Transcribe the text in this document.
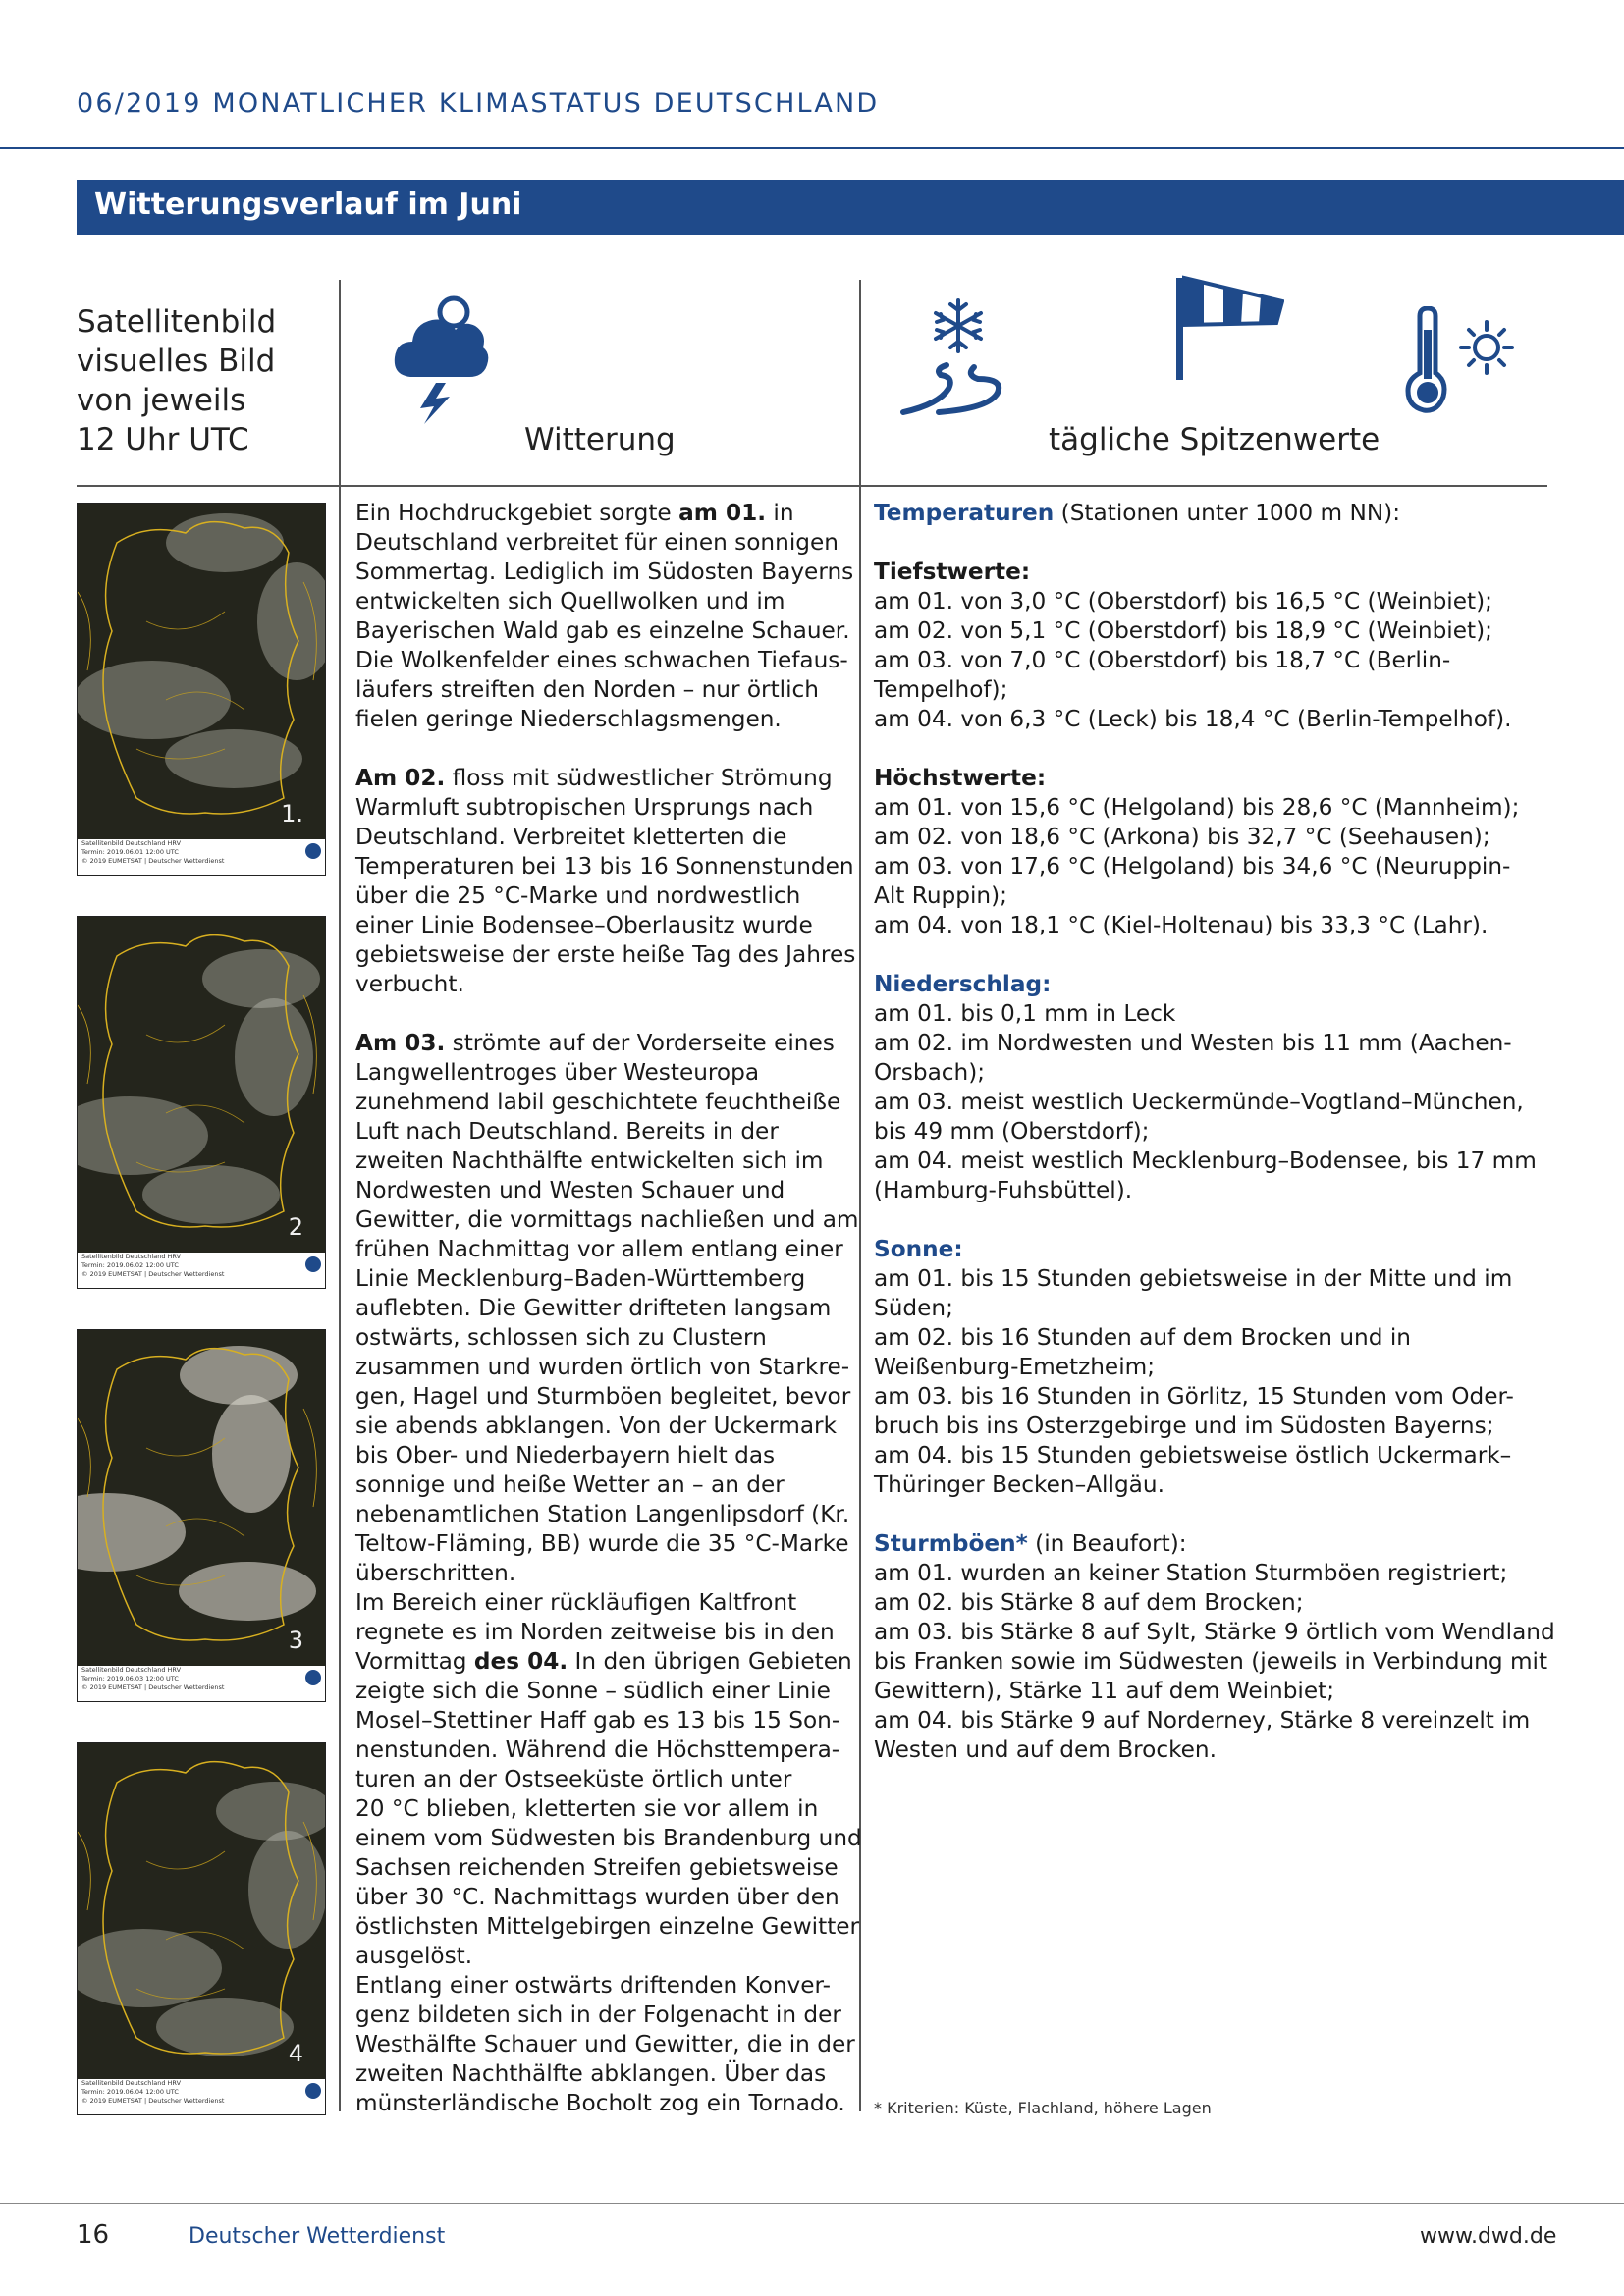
06/2019 MONATLICHER KLIMASTATUS DEUTSCHLAND
Witterungsverlauf im Juni
Satellitenbild
visuelles Bild
von jeweils
12 Uhr UTC	Witterung	tägliche Spitzenwerte
1.
Satellitenbild Deutschland HRV
Termin: 2019.06.01 12:00 UTC
© 2019 EUMETSAT | Deutscher Wetterdienst
2
Satellitenbild Deutschland HRV
Termin: 2019.06.02 12:00 UTC
© 2019 EUMETSAT | Deutscher Wetterdienst
3
Satellitenbild Deutschland HRV
Termin: 2019.06.03 12:00 UTC
© 2019 EUMETSAT | Deutscher Wetterdienst
4
Satellitenbild Deutschland HRV
Termin: 2019.06.04 12:00 UTC
© 2019 EUMETSAT | Deutscher Wetterdienst
Ein Hochdruckgebiet sorgte am 01. in
Deutschland verbreitet für einen sonnigen
Sommertag. Lediglich im Südosten Bayerns
entwickelten sich Quellwolken und im
Bayerischen Wald gab es einzelne Schauer.
Die Wolkenfelder eines schwachen Tiefaus-
läufers streiften den Norden – nur örtlich
fielen geringe Niederschlagsmengen.
Am 02. floss mit südwestlicher Strömung
Warmluft subtropischen Ursprungs nach
Deutschland. Verbreitet kletterten die
Temperaturen bei 13 bis 16 Sonnenstunden
über die 25 °C-Marke und nordwestlich
einer Linie Bodensee–Oberlausitz wurde
gebietsweise der erste heiße Tag des Jahres
verbucht.
Am 03. strömte auf der Vorderseite eines
Langwellentroges über Westeuropa
zunehmend labil geschichtete feuchtheiße
Luft nach Deutschland. Bereits in der
zweiten Nachthälfte entwickelten sich im
Nordwesten und Westen Schauer und
Gewitter, die vormittags nachließen und am
frühen Nachmittag vor allem entlang einer
Linie Mecklenburg–Baden-Württemberg
auflebten. Die Gewitter drifteten langsam
ostwärts, schlossen sich zu Clustern
zusammen und wurden örtlich von Starkre-
gen, Hagel und Sturmböen begleitet, bevor
sie abends abklangen. Von der Uckermark
bis Ober- und Niederbayern hielt das
sonnige und heiße Wetter an – an der
nebenamtlichen Station Langenlipsdorf (Kr.
Teltow-Fläming, BB) wurde die 35 °C-Marke
überschritten.
Im Bereich einer rückläufigen Kaltfront
regnete es im Norden zeitweise bis in den
Vormittag des 04. In den übrigen Gebieten
zeigte sich die Sonne – südlich einer Linie
Mosel–Stettiner Haff gab es 13 bis 15 Son-
nenstunden. Während die Höchsttempera-
turen an der Ostseeküste örtlich unter
20 °C blieben, kletterten sie vor allem in
einem vom Südwesten bis Brandenburg und
Sachsen reichenden Streifen gebietsweise
über 30 °C. Nachmittags wurden über den
östlichsten Mittelgebirgen einzelne Gewitter
ausgelöst.
Entlang einer ostwärts driftenden Konver-
genz bildeten sich in der Folgenacht in der
Westhälfte Schauer und Gewitter, die in der
zweiten Nachthälfte abklangen. Über das
münsterländische Bocholt zog ein Tornado.
Temperaturen (Stationen unter 1000 m NN):
Tiefstwerte:
am 01. von 3,0 °C (Oberstdorf) bis 16,5 °C (Weinbiet);
am 02. von 5,1 °C (Oberstdorf) bis 18,9 °C (Weinbiet);
am 03. von 7,0 °C (Oberstdorf) bis 18,7 °C (Berlin-
Tempelhof);
am 04. von 6,3 °C (Leck) bis 18,4 °C (Berlin-Tempelhof).
Höchstwerte:
am 01. von 15,6 °C (Helgoland) bis 28,6 °C (Mannheim);
am 02. von 18,6 °C (Arkona) bis 32,7 °C (Seehausen);
am 03. von 17,6 °C (Helgoland) bis 34,6 °C (Neuruppin-
Alt Ruppin);
am 04. von 18,1 °C (Kiel-Holtenau) bis 33,3 °C (Lahr).
Niederschlag:
am 01. bis 0,1 mm in Leck
am 02. im Nordwesten und Westen bis 11 mm (Aachen-
Orsbach);
am 03. meist westlich Ueckermünde–Vogtland–München,
bis 49 mm (Oberstdorf);
am 04. meist westlich Mecklenburg–Bodensee, bis 17 mm
(Hamburg-Fuhsbüttel).
Sonne:
am 01. bis 15 Stunden gebietsweise in der Mitte und im
Süden;
am 02. bis 16 Stunden auf dem Brocken und in
Weißenburg-Emetzheim;
am 03. bis 16 Stunden in Görlitz, 15 Stunden vom Oder-
bruch bis ins Osterzgebirge und im Südosten Bayerns;
am 04. bis 15 Stunden gebietsweise östlich Uckermark–
Thüringer Becken–Allgäu.
Sturmböen* (in Beaufort):
am 01. wurden an keiner Station Sturmböen registriert;
am 02. bis Stärke 8 auf dem Brocken;
am 03. bis Stärke 8 auf Sylt, Stärke 9 örtlich vom Wendland
bis Franken sowie im Südwesten (jeweils in Verbindung mit
Gewittern), Stärke 11 auf dem Weinbiet;
am 04. bis Stärke 9 auf Norderney, Stärke 8 vereinzelt im
Westen und auf dem Brocken.
* Kriterien: Küste, Flachland, höhere Lagen
16	Deutscher Wetterdienst	www.dwd.de
